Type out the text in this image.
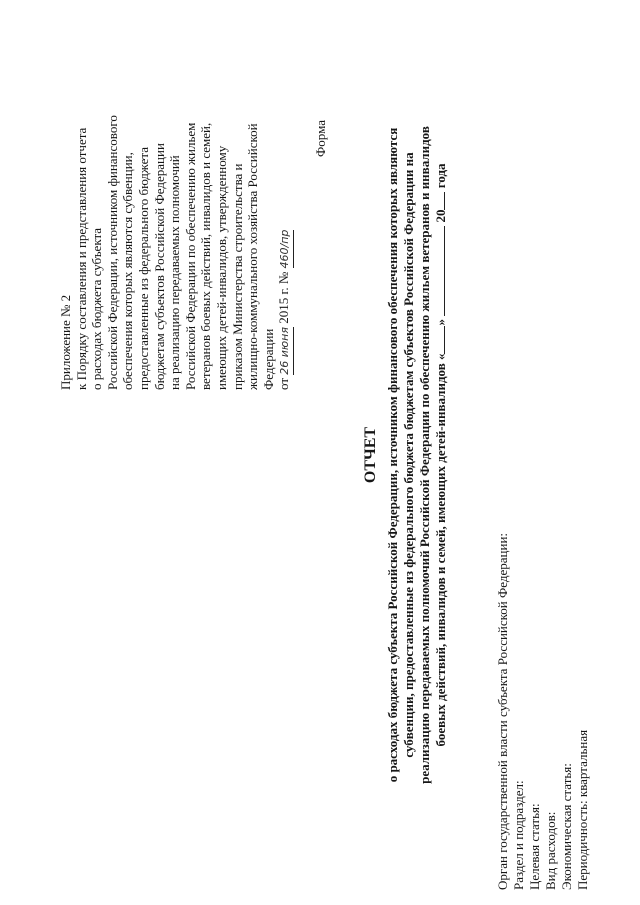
Приложение № 2 к Порядку составления и представления отчета о расходах бюджета субъекта Российской Федерации, источником финансового обеспечения которых являются субвенции, предоставленные из федерального бюджета бюджетам субъектов Российской Федерации на реализацию передаваемых полномочий Российской Федерации по обеспечению жильем ветеранов боевых действий, инвалидов и семей, имеющих детей-инвалидов, утвержденному приказом Министерства строительства и жилищно-коммунального хозяйства Российской Федерации от 26 июня 2015 г. № 460/пр
Форма
ОТЧЕТ о расходах бюджета субъекта Российской Федерации, источником финансового обеспечения которых являются субвенции, предоставленные из федерального бюджета бюджетам субъектов Российской Федерации на реализацию передаваемых полномочий Российской Федерации по обеспечению жильем ветеранов и инвалидов боевых действий, инвалидов и семей, имеющих детей-инвалидов «»  20 года
Орган государственной власти субъекта Российской Федерации: Раздел и подраздел: Целевая статья: Вид расходов: Экономическая статья: Периодичность: квартальная
